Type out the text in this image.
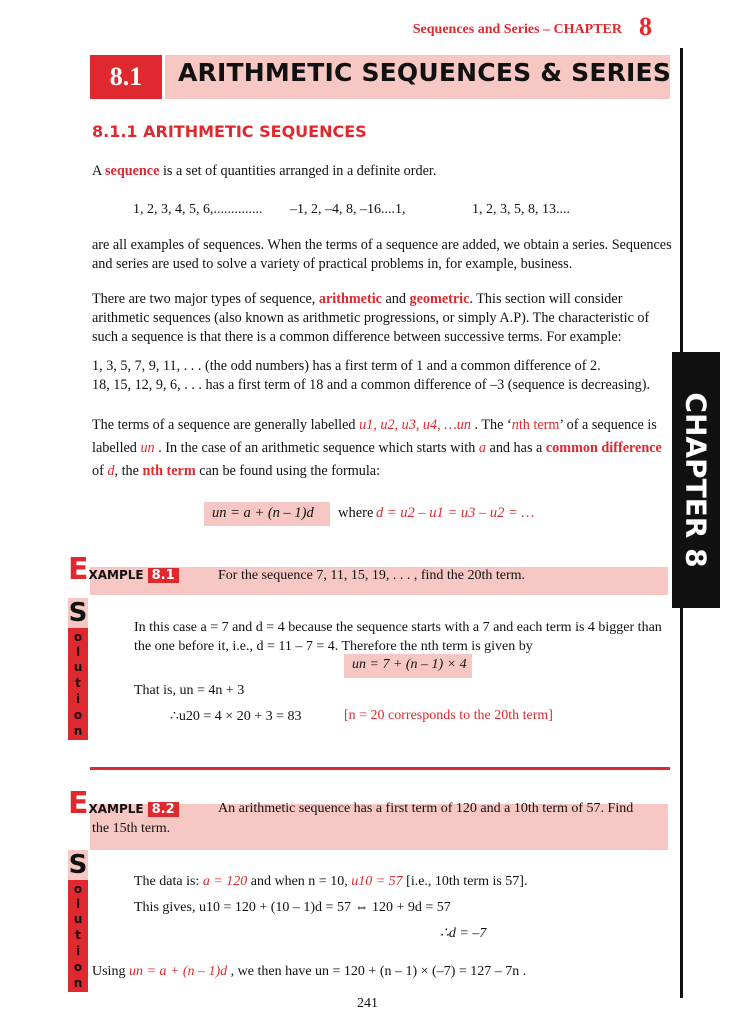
Sequences and Series – CHAPTER 8
8.1	ARITHMETIC SEQUENCES & SERIES
8.1.1 ARITHMETIC SEQUENCES
A sequence is a set of quantities arranged in a definite order.
1, 2, 3, 4, 5, 6,.............. –1, 2, –4, 8, –16....1,	1, 2, 3, 5, 8, 13....
are all examples of sequences. When the terms of a sequence are added, we obtain a series. Sequences and series are used to solve a variety of practical problems in, for example, business.
There are two major types of sequence, arithmetic and geometric. This section will consider arithmetic sequences (also known as arithmetic progressions, or simply A.P). The characteristic of such a sequence is that there is a common difference between successive terms. For example:
1, 3, 5, 7, 9, 11, . . . (the odd numbers) has a first term of 1 and a common difference of 2.
18, 15, 12, 9, 6, . . . has a first term of 18 and a common difference of –3 (sequence is decreasing).
The terms of a sequence are generally labelled u1, u2, u3, u4, …un . The ‘nth term’ of a sequence is labelled un . In the case of an arithmetic sequence which starts with a and has a common difference of d, the nth term can be found using the formula:
un = a + (n – 1)d where d = u2 – u1 = u3 – u2 = …	CHAPTER 8
EXAMPLE 8.1	For the sequence 7, 11, 15, 19, . . . , find the 20th term.
S
o
l
u
t
i
o
n
In this case a = 7 and d = 4 because the sequence starts with a 7 and each term is 4 bigger than the one before it, i.e., d = 11 – 7 = 4. Therefore the nth term is given by
un = 7 + (n – 1) × 4
That is, un = 4n + 3
∴u20 = 4 × 20 + 3 = 83	[n = 20 corresponds to the 20th term]
EXAMPLE 8.2	An arithmetic sequence has a first term of 120 and a 10th term of 57. Find
the 15th term.
S
o
l
u
t
i
o
n
The data is: a = 120 and when n = 10, u10 = 57 [i.e., 10th term is 57].
This gives, u10 = 120 + (10 – 1)d = 57 ⇔ 120 + 9d = 57
∴d = –7
Using un = a + (n – 1)d , we then have un = 120 + (n – 1) × (–7) = 127 – 7n .
241
